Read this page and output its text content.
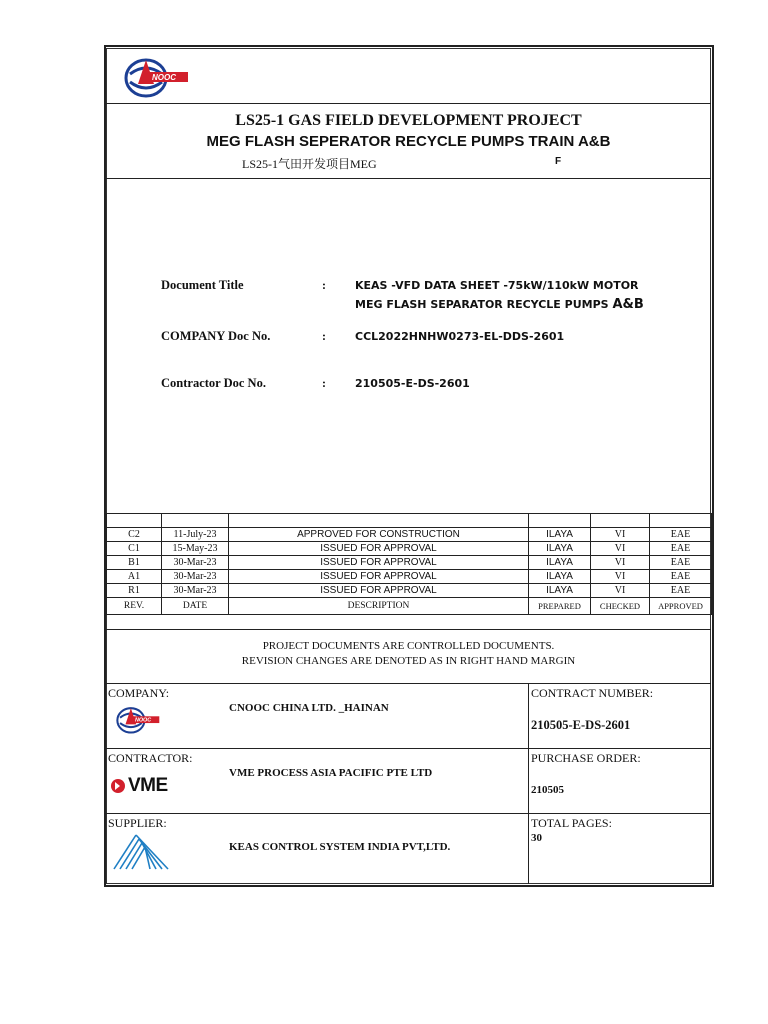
NOOC
LS25-1 GAS FIELD DEVELOPMENT PROJECT
MEG FLASH SEPERATOR RECYCLE PUMPS TRAIN A&B
LS25-1气田开发项目MEG	F
Document Title	:	KEAS -VFD DATA SHEET -75kW/110kW MOTOR
MEG FLASH SEPARATOR RECYCLE PUMPS A&B
COMPANY Doc No.	:	CCL2022HNHW0273-EL-DDS-2601
Contractor Doc No.	:	210505-E-DS-2601

C2	11-July-23	APPROVED FOR CONSTRUCTION	ILAYA	VI	EAE
C1	15-May-23	ISSUED FOR APPROVAL	ILAYA	VI	EAE
B1	30-Mar-23	ISSUED FOR APPROVAL	ILAYA	VI	EAE
A1	30-Mar-23	ISSUED FOR APPROVAL	ILAYA	VI	EAE
R1	30-Mar-23	ISSUED FOR APPROVAL	ILAYA	VI	EAE
REV.	DATE	DESCRIPTION	PREPARED	CHECKED	APPROVED
PROJECT DOCUMENTS ARE CONTROLLED DOCUMENTS.
REVISION CHANGES ARE DENOTED AS IN RIGHT HAND MARGIN
COMPANY:
NOOC
CNOOC CHINA LTD. _HAINAN
CONTRACT NUMBER:
210505-E-DS-2601
CONTRACTOR:
VME
VME PROCESS ASIA PACIFIC PTE LTD
PURCHASE ORDER:
210505
SUPPLIER:
KEAS CONTROL SYSTEM INDIA PVT,LTD.
TOTAL PAGES:
30
